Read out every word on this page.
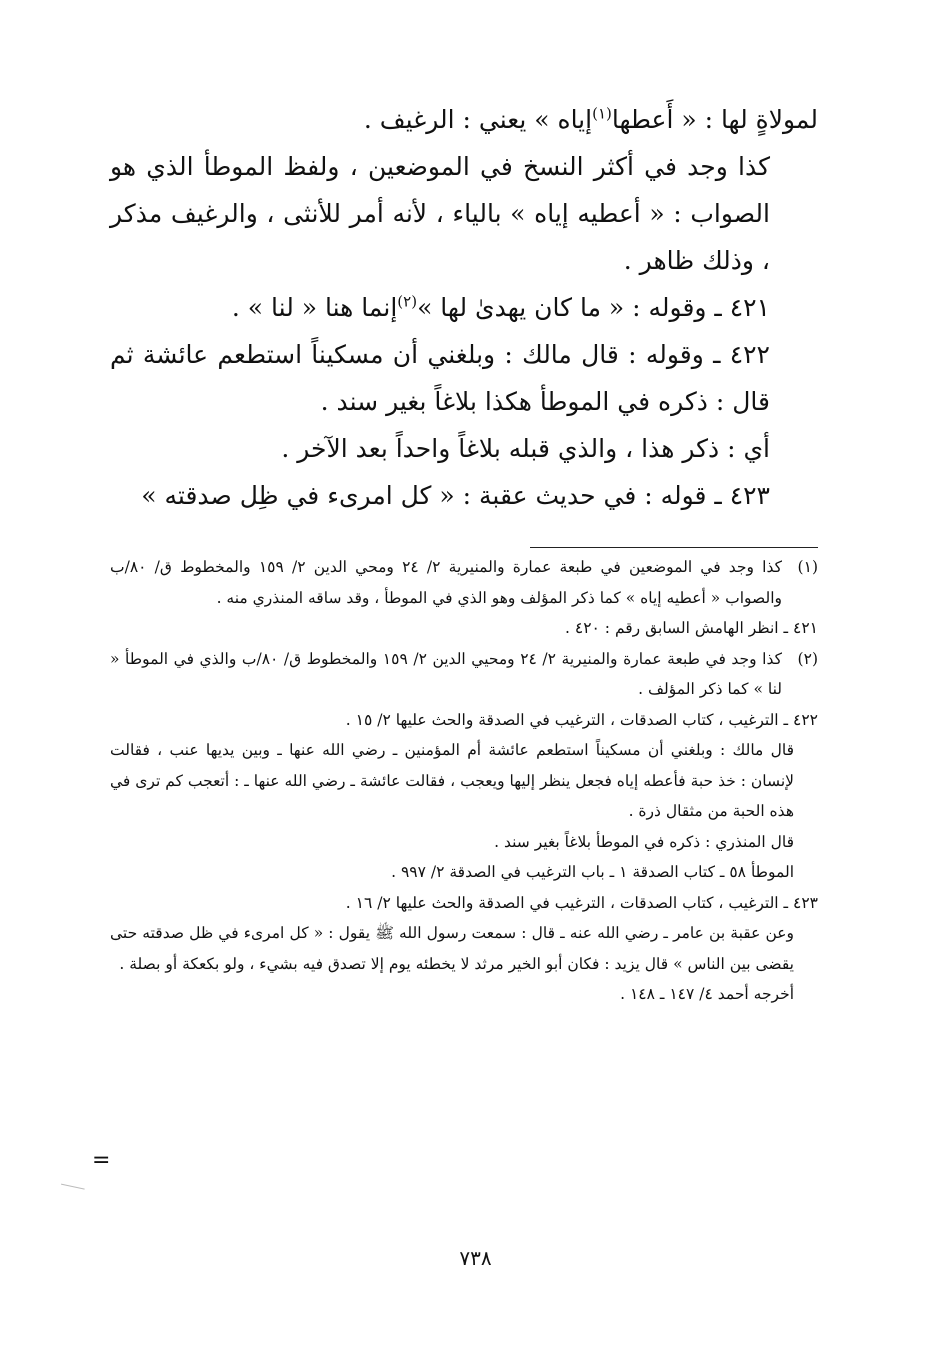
لمولاةٍ لها : « أَعطها$^{(١)}$إياه » يعني : الرغيف .

كذا وجد في أكثر النسخ في الموضعين ، ولفظ الموطأ الذي هو الصواب : « أعطيه إياه » بالياء ، لأنه أمر للأنثى ، والرغيف مذكر ، وذلك ظاهر .

٤٢١ ـ وقوله : « ما كان يهدىٰ لها »$^{(٢)}$إنما هنا « لنا » .

٤٢٢ ـ وقوله : قال مالك : وبلغني أن مسكيناً استطعم عائشة ثم قال : ذكره في الموطأ هكذا بلاغاً بغير سند .

أي : ذكر هذا ، والذي قبله بلاغاً واحداً بعد الآخر .

٤٢٣ ـ قوله : في حديث عقبة : « كل امرىء في ظِل صدقته »

(١)
كذا وجد في الموضعين في طبعة عمارة والمنيرية ٢/ ٢٤ ومحي الدين ٢/ ١٥٩ والمخطوط ق/ ٨٠/ب والصواب « أعطيه إياه » كما ذكر المؤلف وهو الذي في الموطأ ، وقد ساقه المنذري منه .

٤٢١ ـ انظر الهامش السابق رقم : ٤٢٠ .

(٢)
كذا وجد في طبعة عمارة والمنيرية ٢/ ٢٤ ومحيي الدين ٢/ ١٥٩ والمخطوط ق/ ٨٠/ب والذي في الموطأ « لنا » كما ذكر المؤلف .

٤٢٢ ـ الترغيب ، كتاب الصدقات ، الترغيب في الصدقة والحث عليها ٢/ ١٥ .

قال مالك : وبلغني أن مسكيناً استطعم عائشة أم المؤمنين ـ رضي الله عنها ـ وبين يديها عنب ، فقالت لإنسان : خذ حبة فأعطه إياه فجعل ينظر إليها ويعجب ، فقالت عائشة ـ رضي الله عنها ـ : أتعجب كم ترى في هذه الحبة من مثقال ذرة .

قال المنذري : ذكره في الموطأ بلاغاً بغير سند .

الموطأ ٥٨ ـ كتاب الصدقة ١ ـ باب الترغيب في الصدقة ٢/ ٩٩٧ .

٤٢٣ ـ الترغيب ، كتاب الصدقات ، الترغيب في الصدقة والحث عليها ٢/ ١٦ .

وعن عقبة بن عامر ـ رضي الله عنه ـ قال : سمعت رسول الله ﷺ يقول : « كل امرىء في ظل صدقته حتى يقضى بين الناس » قال يزيد : فكان أبو الخير مرثد لا يخطئه يوم إلا تصدق فيه بشيء ، ولو بكعكة أو بصلة .

أخرجه أحمد ٤/ ١٤٧ ـ ١٤٨ .

=
٧٣٨
